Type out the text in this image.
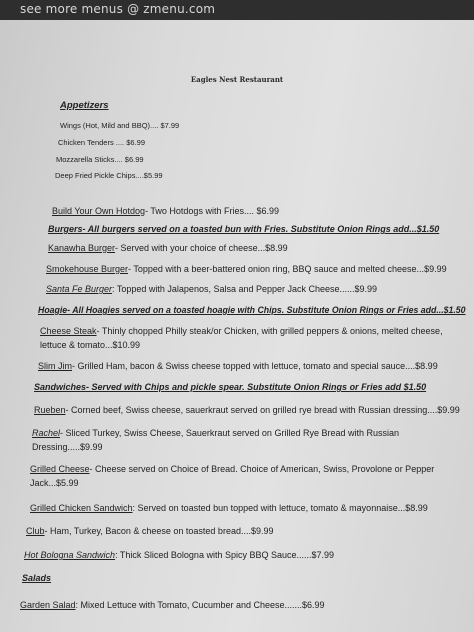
see more menus @ zmenu.com
Eagles Nest Restaurant
Appetizers
Wings (Hot, Mild and BBQ).... $7.99
Chicken Tenders .... $6.99
Mozzarella Sticks.... $6.99
Deep Fried Pickle Chips....$5.99
Build Your Own Hotdog- Two Hotdogs with Fries.... $6.99
Burgers- All burgers served on a toasted bun with Fries. Substitute Onion Rings add...$1.50
Kanawha Burger- Served with your choice of cheese...$8.99
Smokehouse Burger- Topped with a beer-battered onion ring, BBQ sauce and melted cheese...$9.99
Santa Fe Burger: Topped with Jalapenos, Salsa and Pepper Jack Cheese......$9.99
Hoagie- All Hoagies served on a toasted hoagie with Chips. Substitute Onion Rings or Fries add...$1.50
Cheese Steak- Thinly chopped Philly steak/or Chicken, with grilled peppers & onions, melted cheese,
lettuce & tomato...$10.99
Slim Jim- Grilled Ham, bacon & Swiss cheese topped with lettuce, tomato and special sauce....$8.99
Sandwiches- Served with Chips and pickle spear. Substitute Onion Rings or Fries add $1.50
Rueben- Corned beef, Swiss cheese, sauerkraut served on grilled rye bread with Russian dressing....$9.99
Rachel- Sliced Turkey, Swiss Cheese, Sauerkraut served on Grilled Rye Bread with Russian
Dressing.....$9.99
Grilled Cheese- Cheese served on Choice of Bread. Choice of American, Swiss, Provolone or Pepper
Jack...$5.99
Grilled Chicken Sandwich: Served on toasted bun topped with lettuce, tomato & mayonnaise...$8.99
Club- Ham, Turkey, Bacon & cheese on toasted bread....$9.99
Hot Bologna Sandwich: Thick Sliced Bologna with Spicy BBQ Sauce......$7.99
Salads
Garden Salad: Mixed Lettuce with Tomato, Cucumber and Cheese.......$6.99
